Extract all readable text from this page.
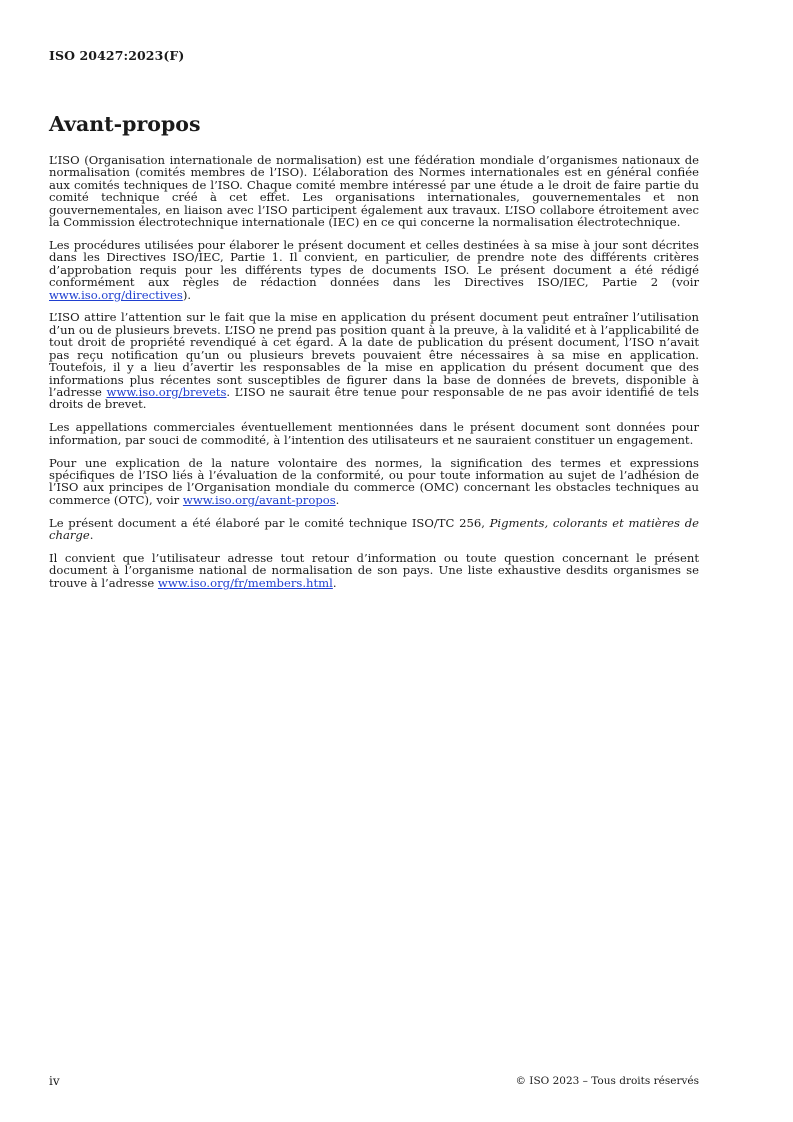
ISO 20427:2023(F)
Avant-propos

L’ISO (Organisation internationale de normalisation) est une fédération mondiale d’organismes nationaux de normalisation (comités membres de l’ISO). L’élaboration des Normes internationales est en général confiée aux comités techniques de l’ISO. Chaque comité membre intéressé par une étude a le droit de faire partie du comité technique créé à cet effet. Les organisations internationales, gouvernementales et non gouvernementales, en liaison avec l’ISO participent également aux travaux. L’ISO collabore étroitement avec la Commission électrotechnique internationale (IEC) en ce qui concerne la normalisation électrotechnique.

Les procédures utilisées pour élaborer le présent document et celles destinées à sa mise à jour sont décrites dans les Directives ISO/IEC, Partie 1. Il convient, en particulier, de prendre note des différents critères d’approbation requis pour les différents types de documents ISO. Le présent document a été rédigé conformément aux règles de rédaction données dans les Directives ISO/IEC, Partie 2 (voir www.iso.org/directives).

L’ISO attire l’attention sur le fait que la mise en application du présent document peut entraîner l’utilisation d’un ou de plusieurs brevets. L’ISO ne prend pas position quant à la preuve, à la validité et à l’applicabilité de tout droit de propriété revendiqué à cet égard. À la date de publication du présent document, l’ISO n’avait pas reçu notification qu’un ou plusieurs brevets pouvaient être nécessaires à sa mise en application. Toutefois, il y a lieu d’avertir les responsables de la mise en application du présent document que des informations plus récentes sont susceptibles de figurer dans la base de données de brevets, disponible à l’adresse www.iso.org/brevets. L’ISO ne saurait être tenue pour responsable de ne pas avoir identifié de tels droits de brevet.

Les appellations commerciales éventuellement mentionnées dans le présent document sont données pour information, par souci de commodité, à l’intention des utilisateurs et ne sauraient constituer un engagement.

Pour une explication de la nature volontaire des normes, la signification des termes et expressions spécifiques de l’ISO liés à l’évaluation de la conformité, ou pour toute information au sujet de l’adhésion de l’ISO aux principes de l’Organisation mondiale du commerce (OMC) concernant les obstacles techniques au commerce (OTC), voir www.iso.org/avant-propos.

Le présent document a été élaboré par le comité technique ISO/TC 256, Pigments, colorants et matières de charge.

Il convient que l’utilisateur adresse tout retour d’information ou toute question concernant le présent document à l’organisme national de normalisation de son pays. Une liste exhaustive desdits organismes se trouve à l’adresse www.iso.org/fr/members.html.

iv	© ISO 2023 – Tous droits réservés
